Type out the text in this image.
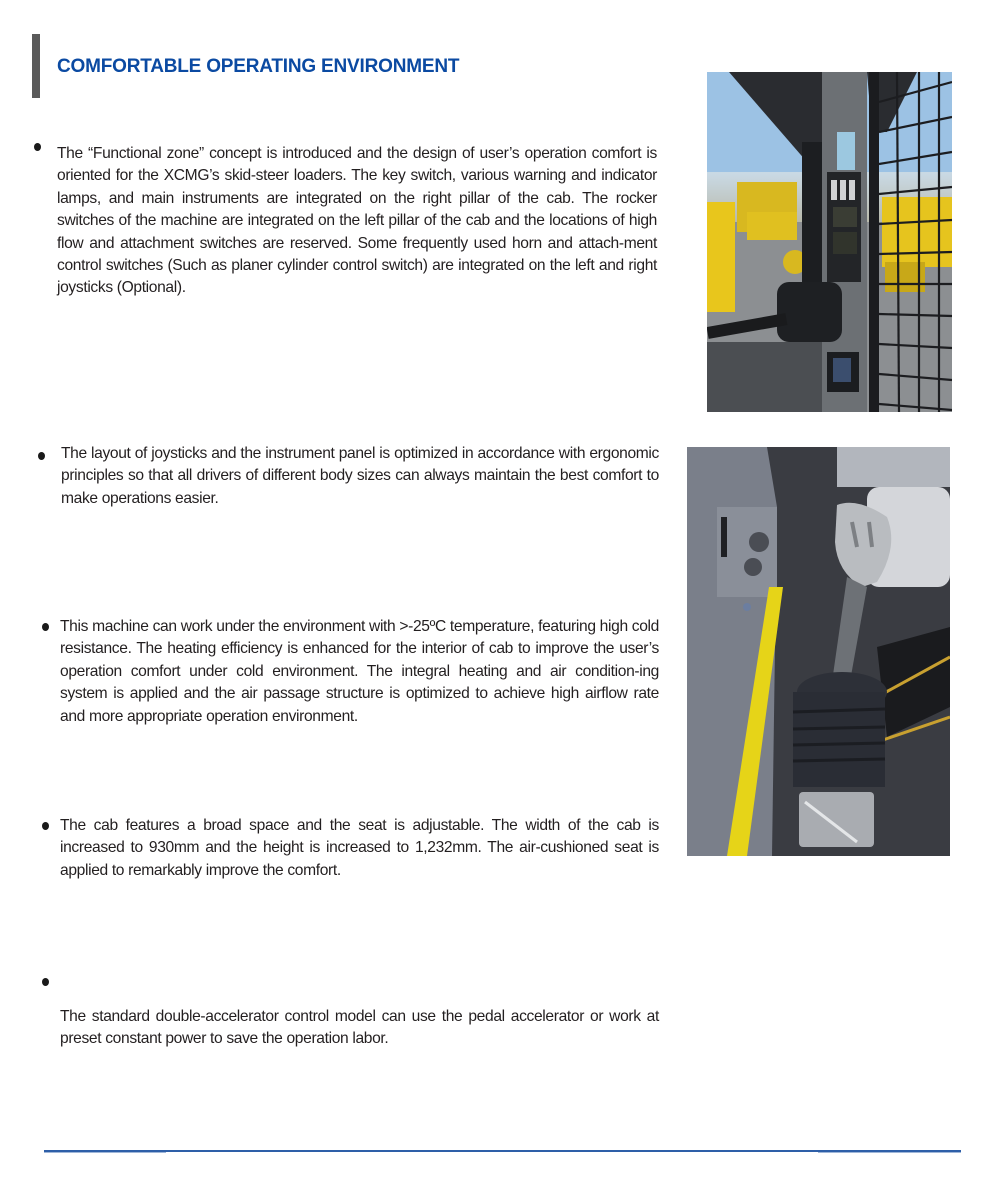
COMFORTABLE OPERATING ENVIRONMENT
The “Functional zone” concept is introduced and the design of user’s operation comfort is oriented for the XCMG’s skid-steer loaders. The key switch, various warning and indicator lamps, and main instruments are integrated on the right pillar of the cab. The rocker switches of the machine are integrated on the left pillar of the cab and the locations of high flow and attachment switches are reserved. Some frequently used horn and attach-ment control switches (Such as planer cylinder control switch) are integrated on the left and right joysticks (Optional).
The layout of joysticks and the instrument panel is optimized in accordance with ergonomic principles so that all drivers of different body sizes can always maintain the best comfort to make operations easier.
This machine can work under the environment with >-25ºC temperature, featuring high cold resistance. The heating efficiency is enhanced for the interior of cab to improve the user’s operation comfort under cold environment. The integral heating and air condition-ing system is applied and the air passage structure is optimized to achieve high airflow rate and more appropriate operation environment.
The cab features a broad space and the seat is adjustable. The width of the cab is increased to 930mm and the height is increased to 1,232mm. The air-cushioned seat is applied to remarkably improve the comfort.
The standard double-accelerator control model can use the pedal accelerator or work at preset constant power to save the operation labor.
